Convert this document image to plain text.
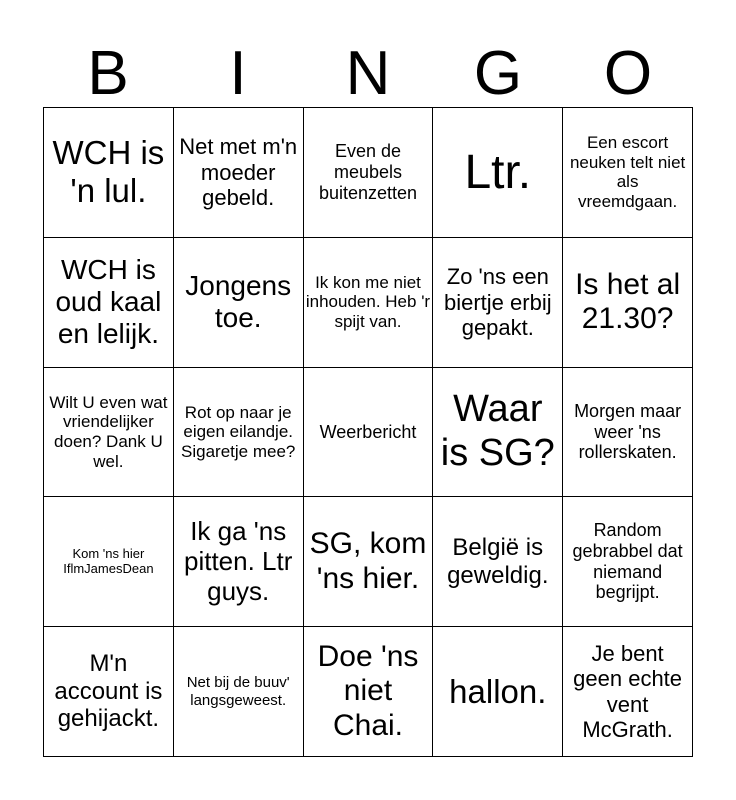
B	I	N	G	O
WCH is 'n lul.
Net met m'n moeder gebeld.
Even de meubels buitenzetten Ltr.
Een escort neuken telt niet als vreemdgaan.
WCH is oud kaal en lelijk.
Jongens toe.
Ik kon me niet inhouden. Heb 'r spijt van.
Zo 'ns een biertje erbij gepakt.
Is het al 21.30?
Wilt U even wat vriendelijker doen? Dank U wel.
Rot op naar je eigen eilandje. Sigaretje mee?
Weerbericht
Waar is SG?
Morgen maar weer 'ns rollerskaten.
Kom 'ns hier IflmJamesDean
Ik ga 'ns pitten. Ltr guys.
SG, kom 'ns hier.
België is geweldig.
Random gebrabbel dat niemand begrijpt.
M'n account is gehijackt.
Net bij de buuv' langsgeweest.
Doe 'ns niet Chai.
hallon.
Je bent geen echte vent McGrath.
